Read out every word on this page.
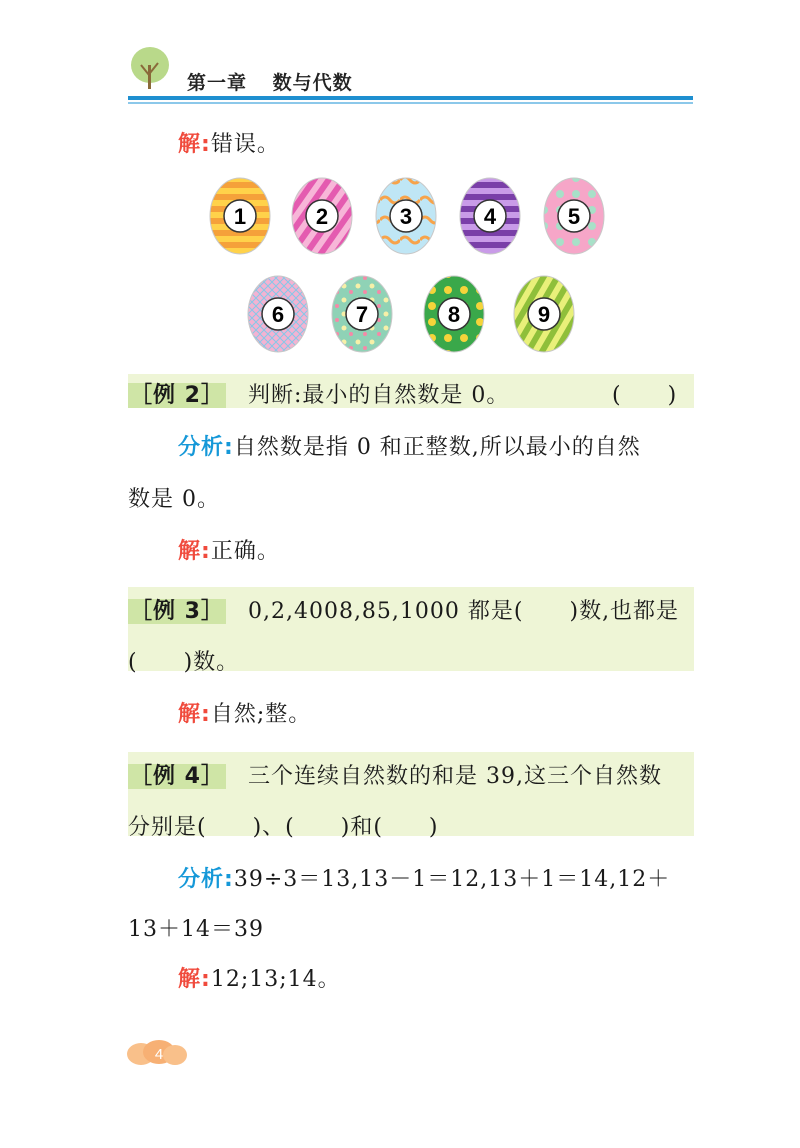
第一章 数与代数
解:错误。
1	2	3	4	5
6	7	8	9
［例 2］ 判断:最小的自然数是 0。	(　　)
分析:自然数是指 0 和正整数,所以最小的自然
数是 0。
解:正确。
［例 3］ 0,2,4008,85,1000 都是(　　)数,也都是
(　　)数。
解:自然;整。
［例 4］ 三个连续自然数的和是 39,这三个自然数
分别是(　　)、(　　)和(　　)
分析:39÷3＝13,13－1＝12,13＋1＝14,12＋
13＋14＝39
解:12;13;14。
4
